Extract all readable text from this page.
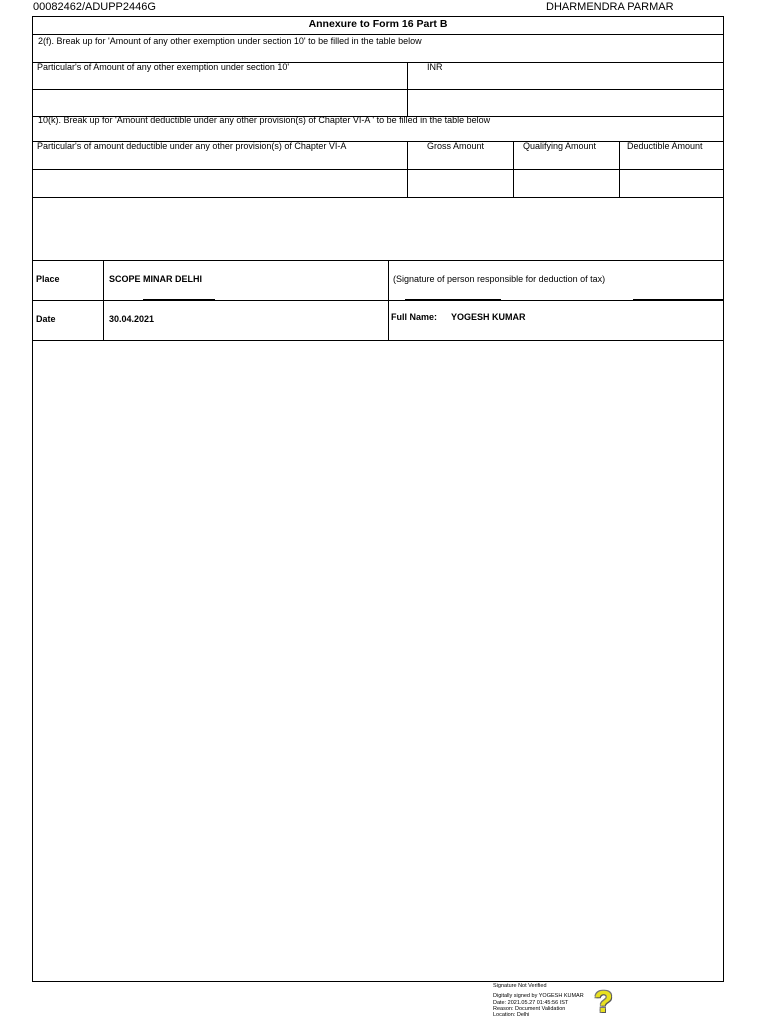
00082462/ADUPP2446G	DHARMENDRA PARMAR
Annexure to Form 16 Part B
2(f). Break up for 'Amount of any other exemption under section 10' to be filled in the table below
Particular's of Amount of any other exemption under section 10'	INR
10(k). Break up for 'Amount deductible under any other provision(s) of Chapter VI-A ' to be filled in the table below
Particular's of amount deductible under any other provision(s) of Chapter VI-A	Gross Amount	Qualifying Amount	Deductible Amount
Place	SCOPE MINAR DELHI	(Signature of person responsible for deduction of tax)
Date	30.04.2021	Full Name: YOGESH KUMAR
Signature Not Verified
Digitally signed by YOGESH KUMAR
Date: 2021.05.27 01:45:56 IST
Reason: Document Validation
Location: Delhi	?
